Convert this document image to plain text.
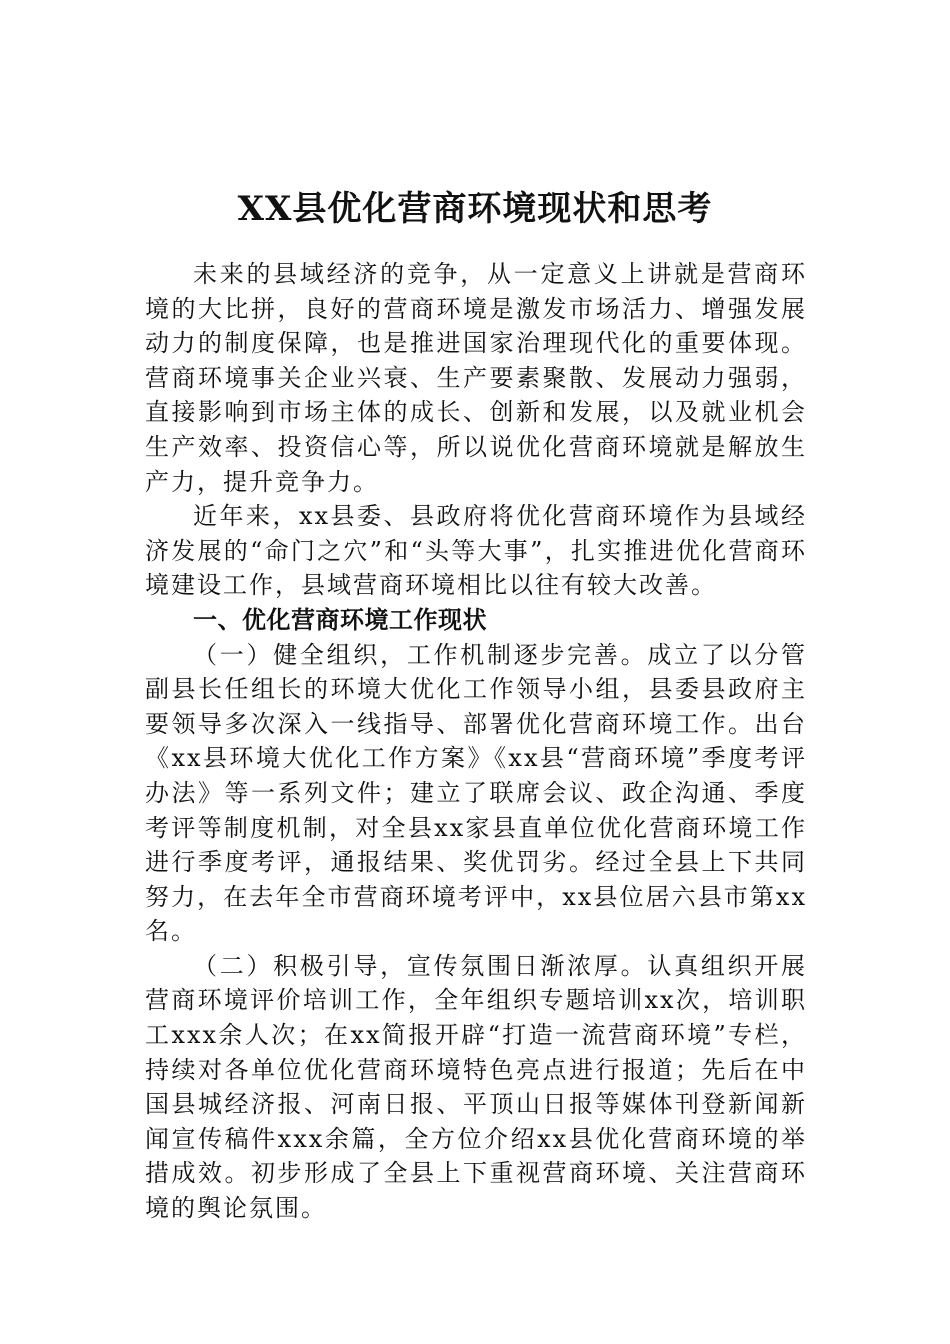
XX县优化营商环境现状和思考

未来的县域经济的竞争，从一定意义上讲就是营商环境的大比拼，良好的营商环境是激发市场活力、增强发展动力的制度保障，也是推进国家治理现代化的重要体现。营商环境事关企业兴衰、生产要素聚散、发展动力强弱，直接影响到市场主体的成长、创新和发展，以及就业机会生产效率、投资信心等，所以说优化营商环境就是解放生产力，提升竞争力。

近年来，xx县委、县政府将优化营商环境作为县域经济发展的“命门之穴”和“头等大事”，扎实推进优化营商环境建设工作，县域营商环境相比以往有较大改善。

一、优化营商环境工作现状

（一）健全组织，工作机制逐步完善。成立了以分管副县长任组长的环境大优化工作领导小组，县委县政府主要领导多次深入一线指导、部署优化营商环境工作。出台《xx县环境大优化工作方案》《xx县“营商环境”季度考评办法》等一系列文件；建立了联席会议、政企沟通、季度考评等制度机制，对全县xx家县直单位优化营商环境工作进行季度考评，通报结果、奖优罚劣。经过全县上下共同努力，在去年全市营商环境考评中，xx县位居六县市第xx名。

（二）积极引导，宣传氛围日渐浓厚。认真组织开展营商环境评价培训工作，全年组织专题培训xx次，培训职工xxx余人次；在xx简报开辟“打造一流营商环境”专栏，持续对各单位优化营商环境特色亮点进行报道；先后在中国县城经济报、河南日报、平顶山日报等媒体刊登新闻新闻宣传稿件xxx余篇，全方位介绍xx县优化营商环境的举措成效。初步形成了全县上下重视营商环境、关注营商环境的舆论氛围。
